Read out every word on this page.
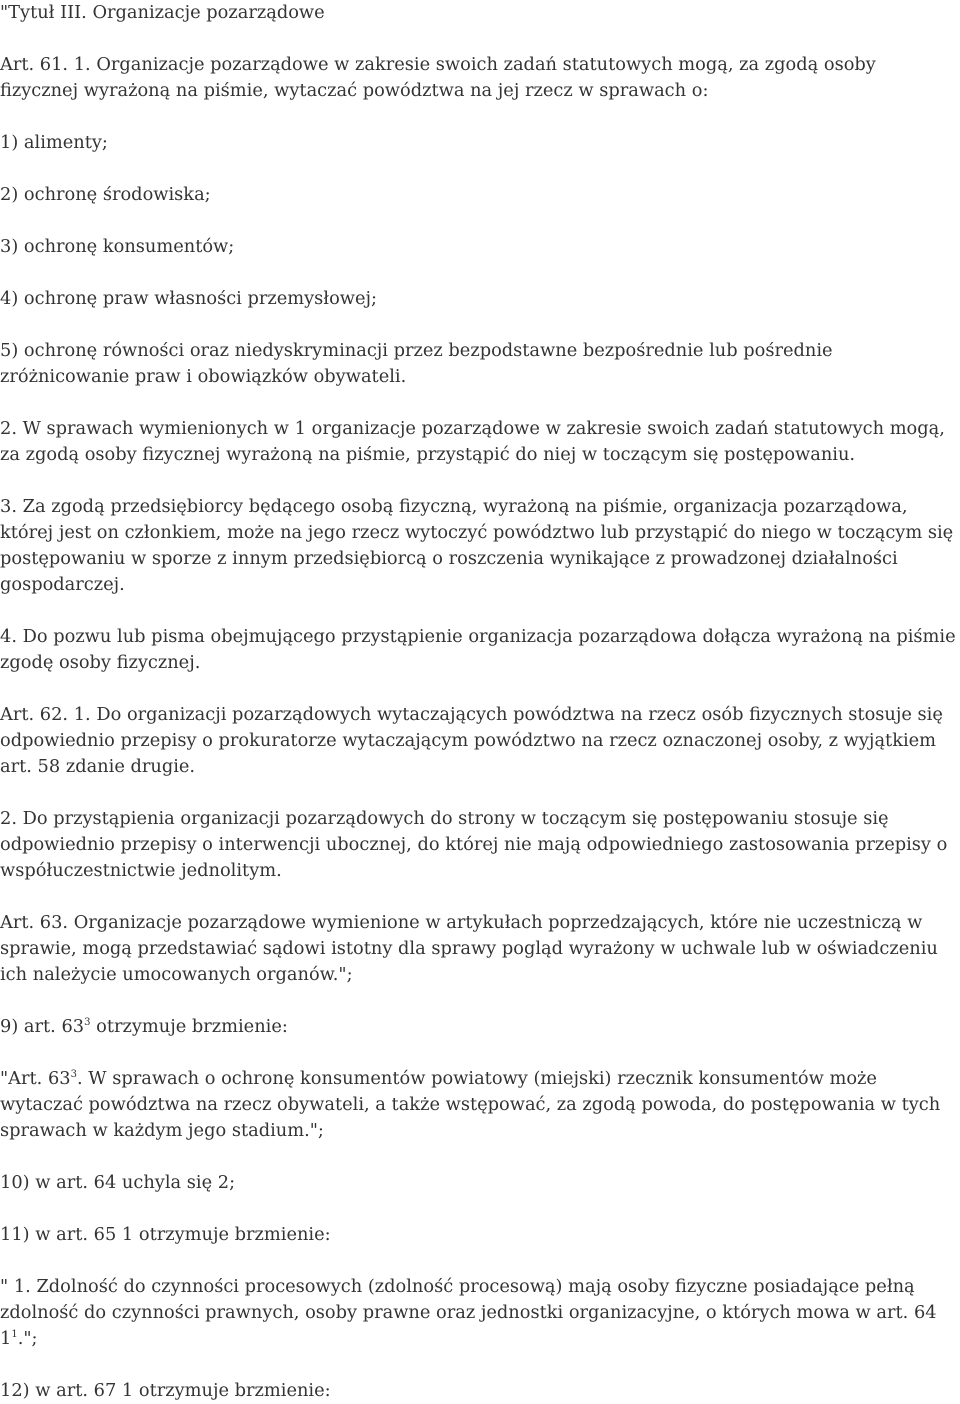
"Tytuł III. Organizacje pozarządowe

Art. 61. 1. Organizacje pozarządowe w zakresie swoich zadań statutowych mogą, za zgodą osoby fizycznej wyrażoną na piśmie, wytaczać powództwa na jej rzecz w sprawach o:

1) alimenty;

2) ochronę środowiska;

3) ochronę konsumentów;

4) ochronę praw własności przemysłowej;

5) ochronę równości oraz niedyskryminacji przez bezpodstawne bezpośrednie lub pośrednie zróżnicowanie praw i obowiązków obywateli.

2. W sprawach wymienionych w 1 organizacje pozarządowe w zakresie swoich zadań statutowych mogą, za zgodą osoby fizycznej wyrażoną na piśmie, przystąpić do niej w toczącym się postępowaniu.

3. Za zgodą przedsiębiorcy będącego osobą fizyczną, wyrażoną na piśmie, organizacja pozarządowa, której jest on członkiem, może na jego rzecz wytoczyć powództwo lub przystąpić do niego w toczącym się postępowaniu w sporze z innym przedsiębiorcą o roszczenia wynikające z prowadzonej działalności gospodarczej.

4. Do pozwu lub pisma obejmującego przystąpienie organizacja pozarządowa dołącza wyrażoną na piśmie zgodę osoby fizycznej.

Art. 62. 1. Do organizacji pozarządowych wytaczających powództwa na rzecz osób fizycznych stosuje się odpowiednio przepisy o prokuratorze wytaczającym powództwo na rzecz oznaczonej osoby, z wyjątkiem art. 58 zdanie drugie.

2. Do przystąpienia organizacji pozarządowych do strony w toczącym się postępowaniu stosuje się odpowiednio przepisy o interwencji ubocznej, do której nie mają odpowiedniego zastosowania przepisy o współuczestnictwie jednolitym.

Art. 63. Organizacje pozarządowe wymienione w artykułach poprzedzających, które nie uczestniczą w sprawie, mogą przedstawiać sądowi istotny dla sprawy pogląd wyrażony w uchwale lub w oświadczeniu ich należycie umocowanych organów.";

9) art. $63^3$ otrzymuje brzmienie:

"Art. $63^3$. W sprawach o ochronę konsumentów powiatowy (miejski) rzecznik konsumentów może wytaczać powództwa na rzecz obywateli, a także wstępować, za zgodą powoda, do postępowania w tych sprawach w każdym jego stadium.";

10) w art. 64 uchyla się 2;

11) w art. 65 1 otrzymuje brzmienie:

" 1. Zdolność do czynności procesowych (zdolność procesową) mają osoby fizyczne posiadające pełną zdolność do czynności prawnych, osoby prawne oraz jednostki organizacyjne, o których mowa w art. 64 $1^1$.";

12) w art. 67 1 otrzymuje brzmienie:
